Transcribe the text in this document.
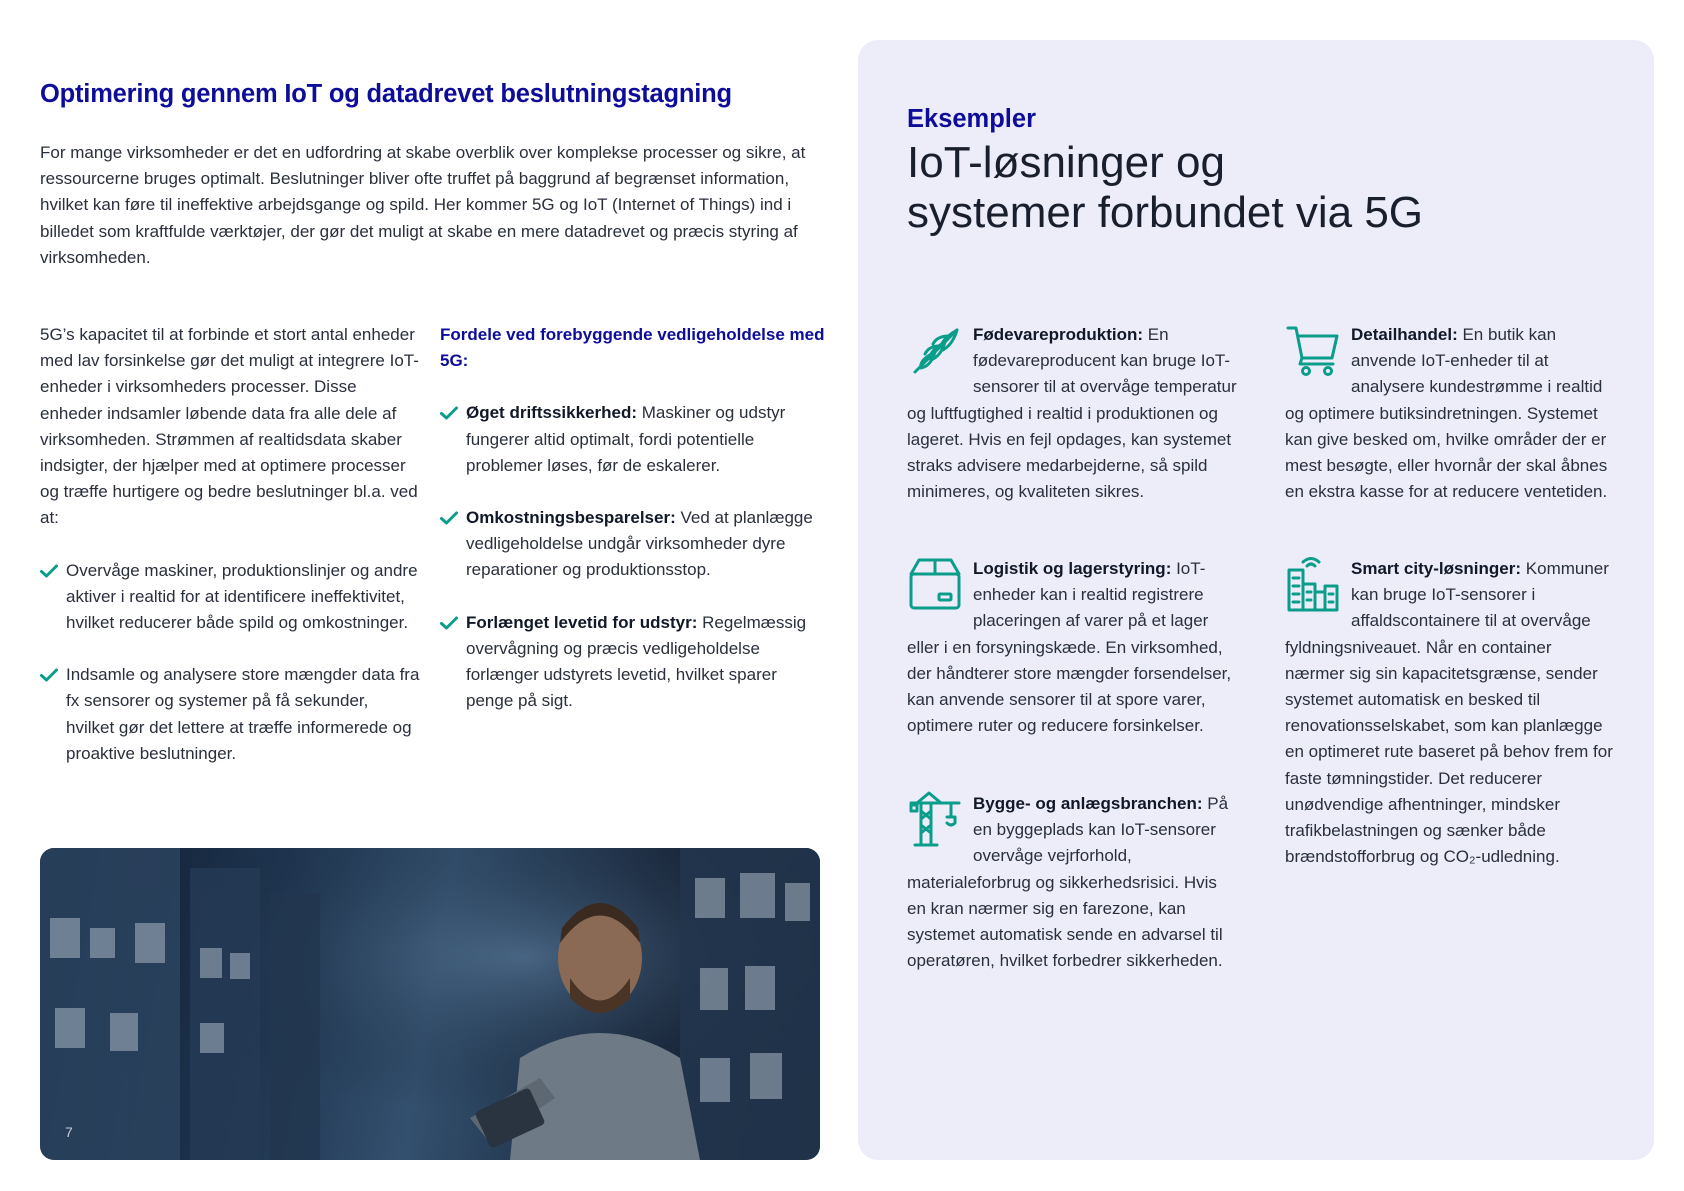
Optimering gennem IoT og datadrevet beslutningstagning

For mange virksomheder er det en udfordring at skabe overblik over komplekse processer og sikre, at ressourcerne bruges optimalt. Beslutninger bliver ofte truffet på baggrund af begrænset information, hvilket kan føre til ineffektive arbejdsgange og spild. Her kommer 5G og IoT (Internet of Things) ind i billedet som kraftfulde værktøjer, der gør det muligt at skabe en mere datadrevet og præcis styring af virksomheden.

5G’s kapacitet til at forbinde et stort antal enheder med lav forsinkelse gør det muligt at integrere IoT-enheder i virksomheders processer. Disse enheder indsamler løbende data fra alle dele af virksomheden. Strømmen af realtidsdata skaber indsigter, der hjælper med at optimere processer og træffe hurtigere og bedre beslutninger bl.a. ved at:

Overvåge maskiner, produktionslinjer og andre aktiver i realtid for at identificere ineffektivitet, hvilket reducerer både spild og omkostninger.
Indsamle og analysere store mængder data fra fx sensorer og systemer på få sekunder, hvilket gør det lettere at træffe informerede og proaktive beslutninger.
Fordele ved forebyggende vedligeholdelse med 5G:
Øget driftssikkerhed: Maskiner og udstyr fungerer altid optimalt, fordi potentielle problemer løses, før de eskalerer.
Omkostningsbesparelser: Ved at planlægge vedligeholdelse undgår virksomheder dyre reparationer og produktionsstop.
Forlænget levetid for udstyr: Regelmæssig overvågning og præcis vedligeholdelse forlænger udstyrets levetid, hvilket sparer penge på sigt.
7
Eksempler
IoT-løsninger og
systemer forbundet via 5G

Fødevareproduktion: En fødevareproducent kan bruge IoT-sensorer til at overvåge temperatur og luftfugtighed i realtid i produktionen og lageret. Hvis en fejl opdages, kan systemet straks advisere medarbejderne, så spild minimeres, og kvaliteten sikres.

Detailhandel: En butik kan anvende IoT-enheder til at analysere kundestrømme i realtid og optimere butiksindretningen. Systemet kan give besked om, hvilke områder der er mest besøgte, eller hvornår der skal åbnes en ekstra kasse for at reducere ventetiden.

Logistik og lagerstyring: IoT-enheder kan i realtid registrere placeringen af varer på et lager eller i en forsyningskæde. En virksomhed, der håndterer store mængder forsendelser, kan anvende sensorer til at spore varer, optimere ruter og reducere forsinkelser.

Smart city-løsninger: Kommuner kan bruge IoT-sensorer i affaldscontainere til at overvåge fyldningsniveauet. Når en container nærmer sig sin kapacitetsgrænse, sender systemet automatisk en besked til renovationsselskabet, som kan planlægge en optimeret rute baseret på behov frem for faste tømningstider. Det reducerer unødvendige afhentninger, mindsker trafikbelastningen og sænker både brændstofforbrug og CO₂-udledning.

Bygge- og anlægsbranchen: På en byggeplads kan IoT-sensorer overvåge vejrforhold, materialeforbrug og sikkerhedsrisici. Hvis en kran nærmer sig en farezone, kan systemet automatisk sende en advarsel til operatøren, hvilket forbedrer sikkerheden.
